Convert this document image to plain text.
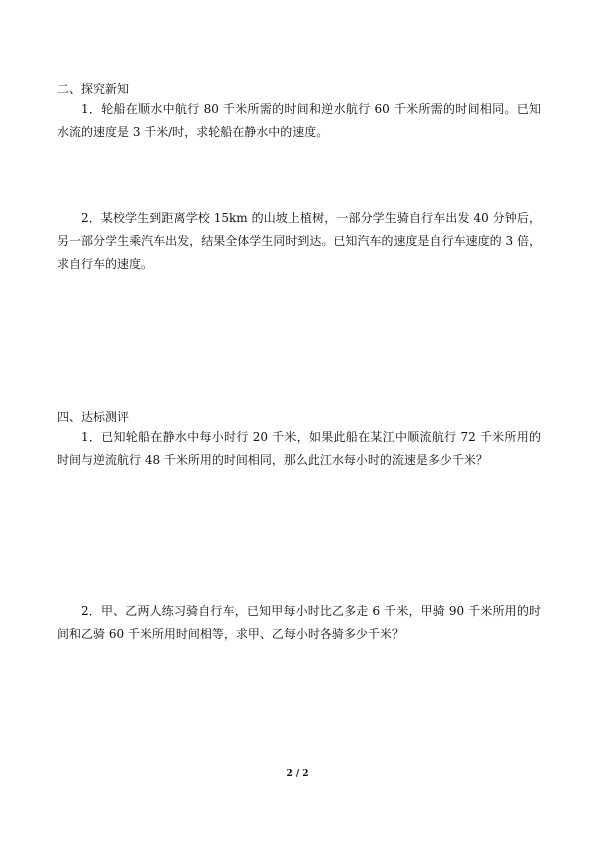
二、探究新知

1．轮船在顺水中航行 80 千米所需的时间和逆水航行 60 千米所需的时间相同。已知水流的速度是 3 千米/时，求轮船在静水中的速度。

2．某校学生到距离学校 15km 的山坡上植树，一部分学生骑自行车出发 40 分钟后，另一部分学生乘汽车出发，结果全体学生同时到达。已知汽车的速度是自行车速度的 3 倍，求自行车的速度。

四、达标测评

1．已知轮船在静水中每小时行 20 千米，如果此船在某江中顺流航行 72 千米所用的时间与逆流航行 48 千米所用的时间相同，那么此江水每小时的流速是多少千米？

2．甲、乙两人练习骑自行车，已知甲每小时比乙多走 6 千米，甲骑 90 千米所用的时间和乙骑 60 千米所用时间相等，求甲、乙每小时各骑多少千米？

2 / 2
